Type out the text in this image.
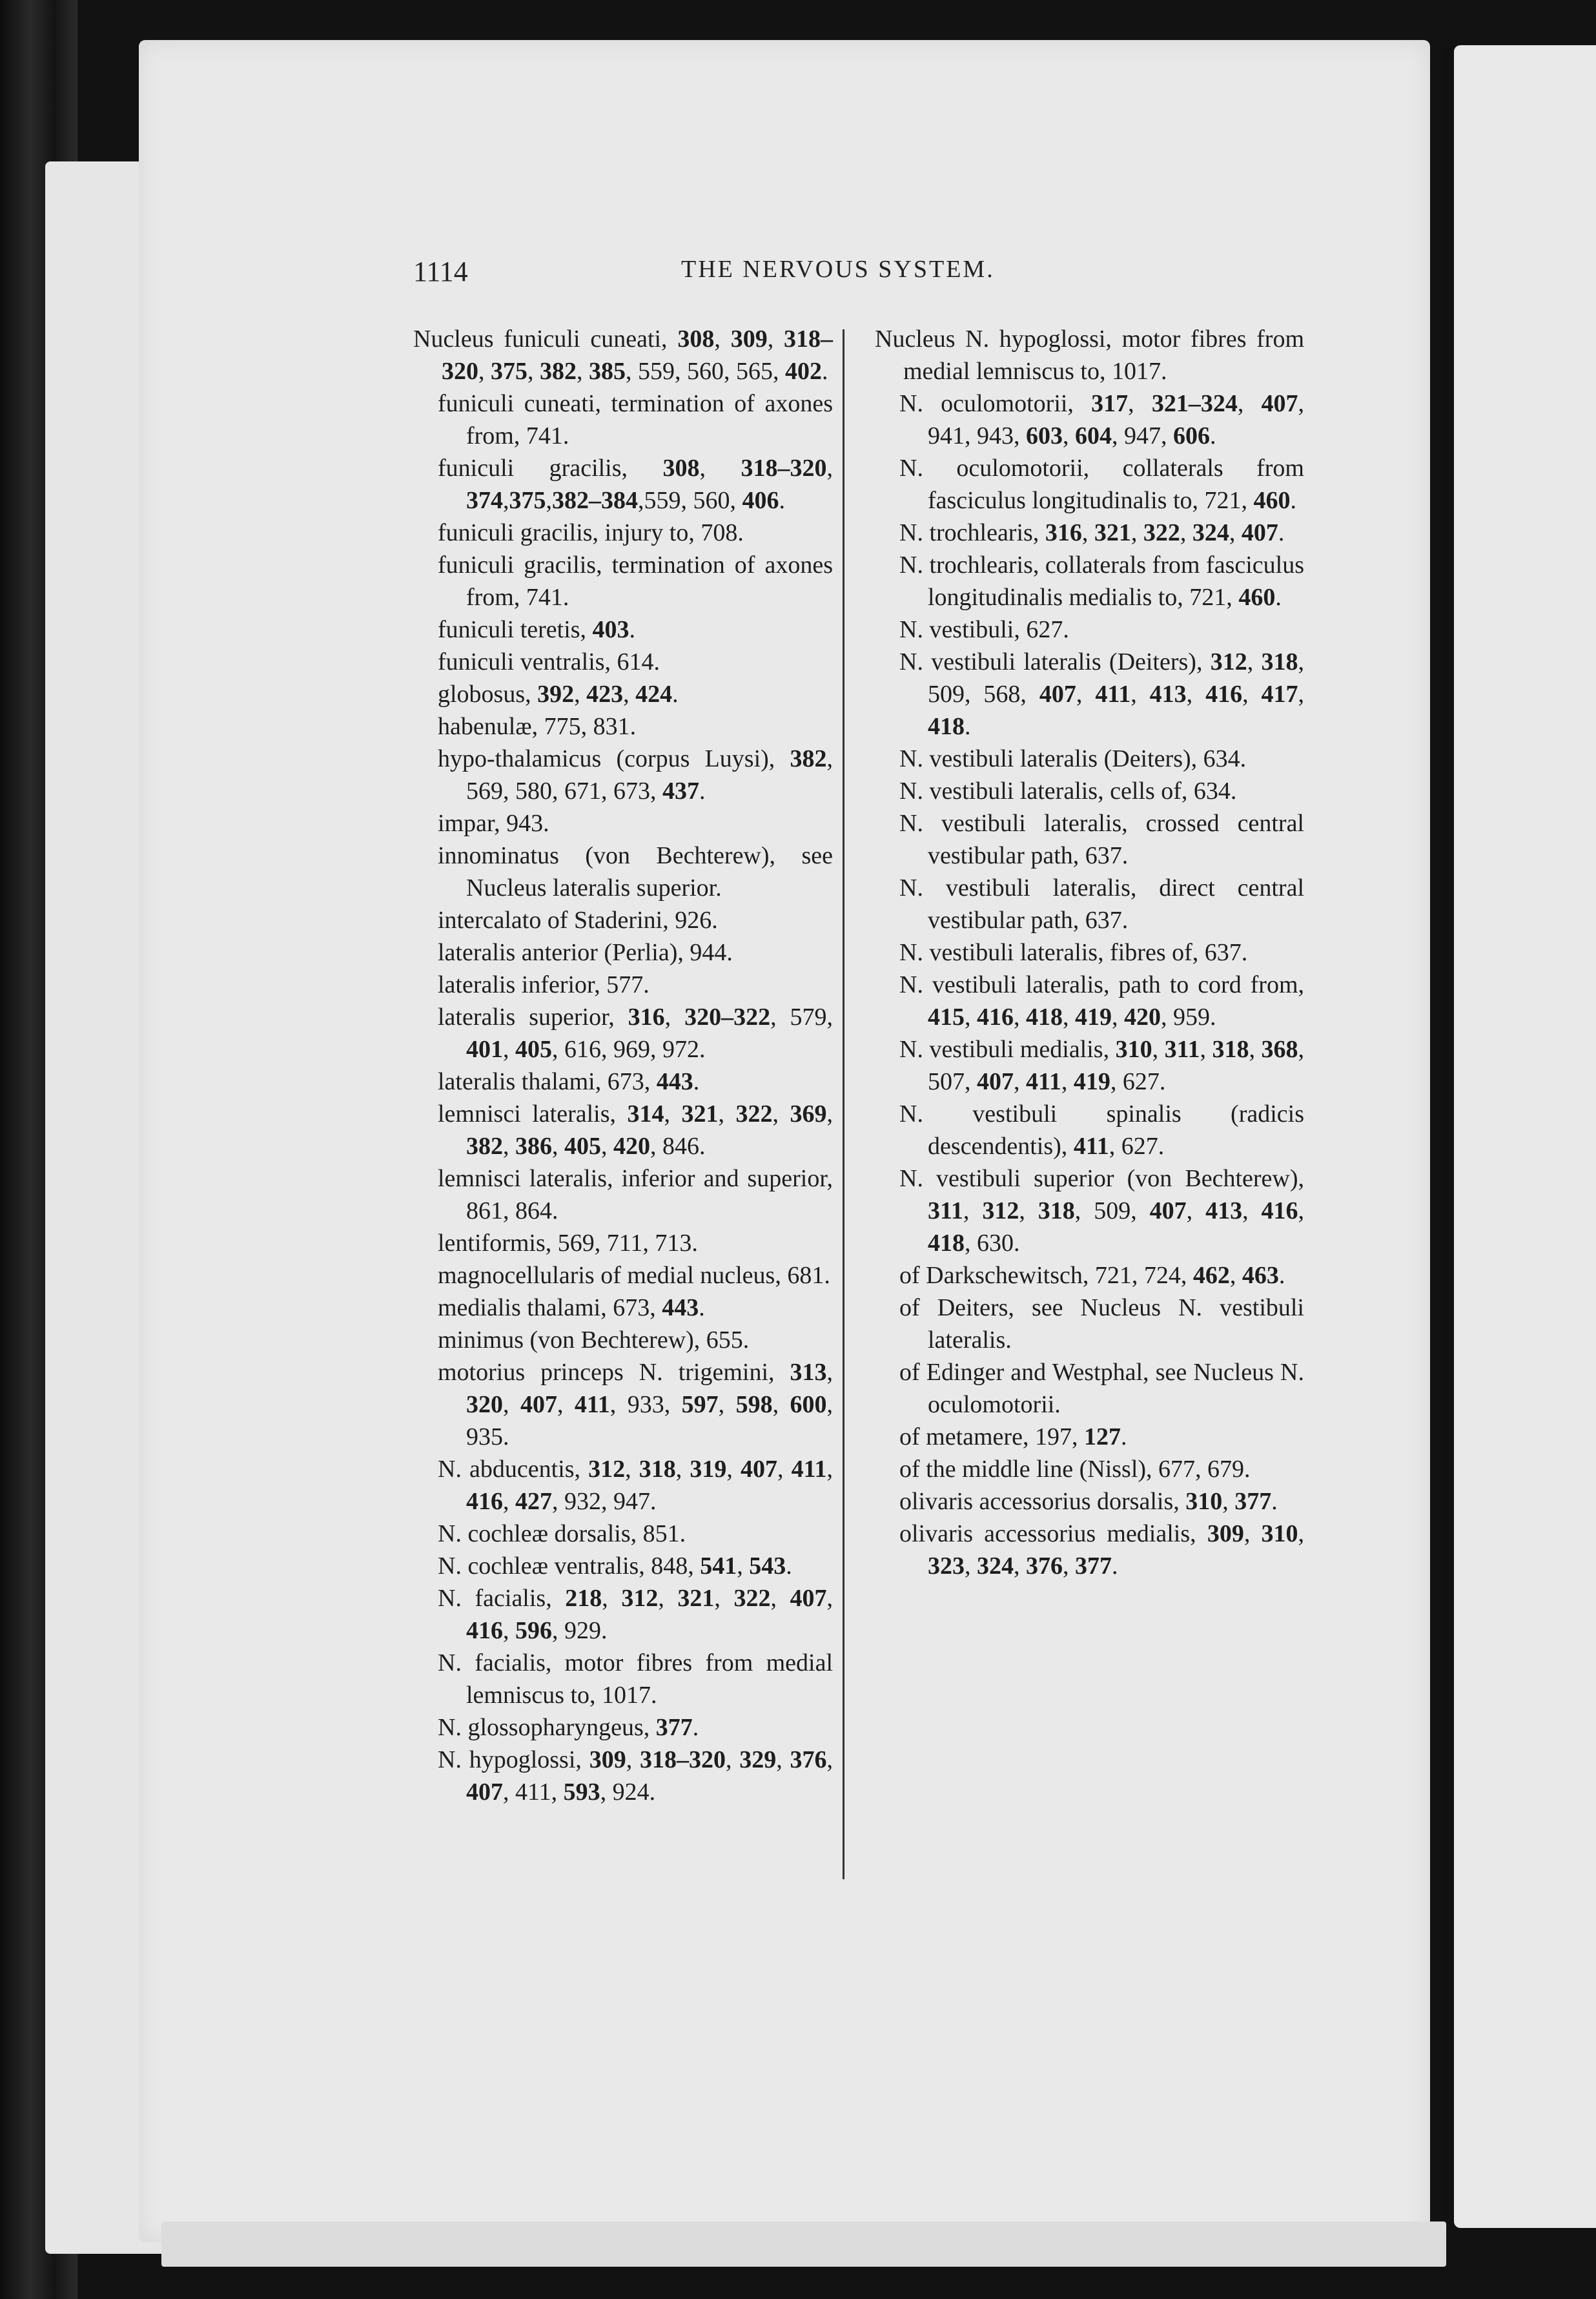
1114	THE NERVOUS SYSTEM.

Nucleus funiculi cuneati, 308, 309, 318–320, 375, 382, 385, 559, 560, 565, 402.

funiculi cuneati, termination of axones from, 741.

funiculi gracilis, 308, 318–320, 374,375,382–384,559, 560, 406.

funiculi gracilis, injury to, 708.

funiculi gracilis, termination of axones from, 741.

funiculi teretis, 403.

funiculi ventralis, 614.

globosus, 392, 423, 424.

habenulæ, 775, 831.

hypo-thalamicus (corpus Luysi), 382, 569, 580, 671, 673, 437.

impar, 943.

innominatus (von Bechterew), see Nucleus lateralis superior.

intercalato of Staderini, 926.

lateralis anterior (Perlia), 944.

lateralis inferior, 577.

lateralis superior, 316, 320–322, 579, 401, 405, 616, 969, 972.

lateralis thalami, 673, 443.

lemnisci lateralis, 314, 321, 322, 369, 382, 386, 405, 420, 846.

lemnisci lateralis, inferior and superior, 861, 864.

lentiformis, 569, 711, 713.

magnocellularis of medial nucleus, 681.

medialis thalami, 673, 443.

minimus (von Bechterew), 655.

motorius princeps N. trigemini, 313, 320, 407, 411, 933, 597, 598, 600, 935.

N. abducentis, 312, 318, 319, 407, 411, 416, 427, 932, 947.

N. cochleæ dorsalis, 851.

N. cochleæ ventralis, 848, 541, 543.

N. facialis, 218, 312, 321, 322, 407, 416, 596, 929.

N. facialis, motor fibres from medial lemniscus to, 1017.

N. glossopharyngeus, 377.

N. hypoglossi, 309, 318–320, 329, 376, 407, 411, 593, 924.

Nucleus N. hypoglossi, motor fibres from medial lemniscus to, 1017.

N. oculomotorii, 317, 321–324, 407, 941, 943, 603, 604, 947, 606.

N. oculomotorii, collaterals from fasciculus longitudinalis to, 721, 460.

N. trochlearis, 316, 321, 322, 324, 407.

N. trochlearis, collaterals from fasciculus longitudinalis medialis to, 721, 460.

N. vestibuli, 627.

N. vestibuli lateralis (Deiters), 312, 318, 509, 568, 407, 411, 413, 416, 417, 418.

N. vestibuli lateralis (Deiters), 634.

N. vestibuli lateralis, cells of, 634.

N. vestibuli lateralis, crossed central vestibular path, 637.

N. vestibuli lateralis, direct central vestibular path, 637.

N. vestibuli lateralis, fibres of, 637.

N. vestibuli lateralis, path to cord from, 415, 416, 418, 419, 420, 959.

N. vestibuli medialis, 310, 311, 318, 368, 507, 407, 411, 419, 627.

N. vestibuli spinalis (radicis descendentis), 411, 627.

N. vestibuli superior (von Bechterew), 311, 312, 318, 509, 407, 413, 416, 418, 630.

of Darkschewitsch, 721, 724, 462, 463.

of Deiters, see Nucleus N. vestibuli lateralis.

of Edinger and Westphal, see Nucleus N. oculomotorii.

of metamere, 197, 127.

of the middle line (Nissl), 677, 679.

olivaris accessorius dorsalis, 310, 377.

olivaris accessorius medialis, 309, 310, 323, 324, 376, 377.
